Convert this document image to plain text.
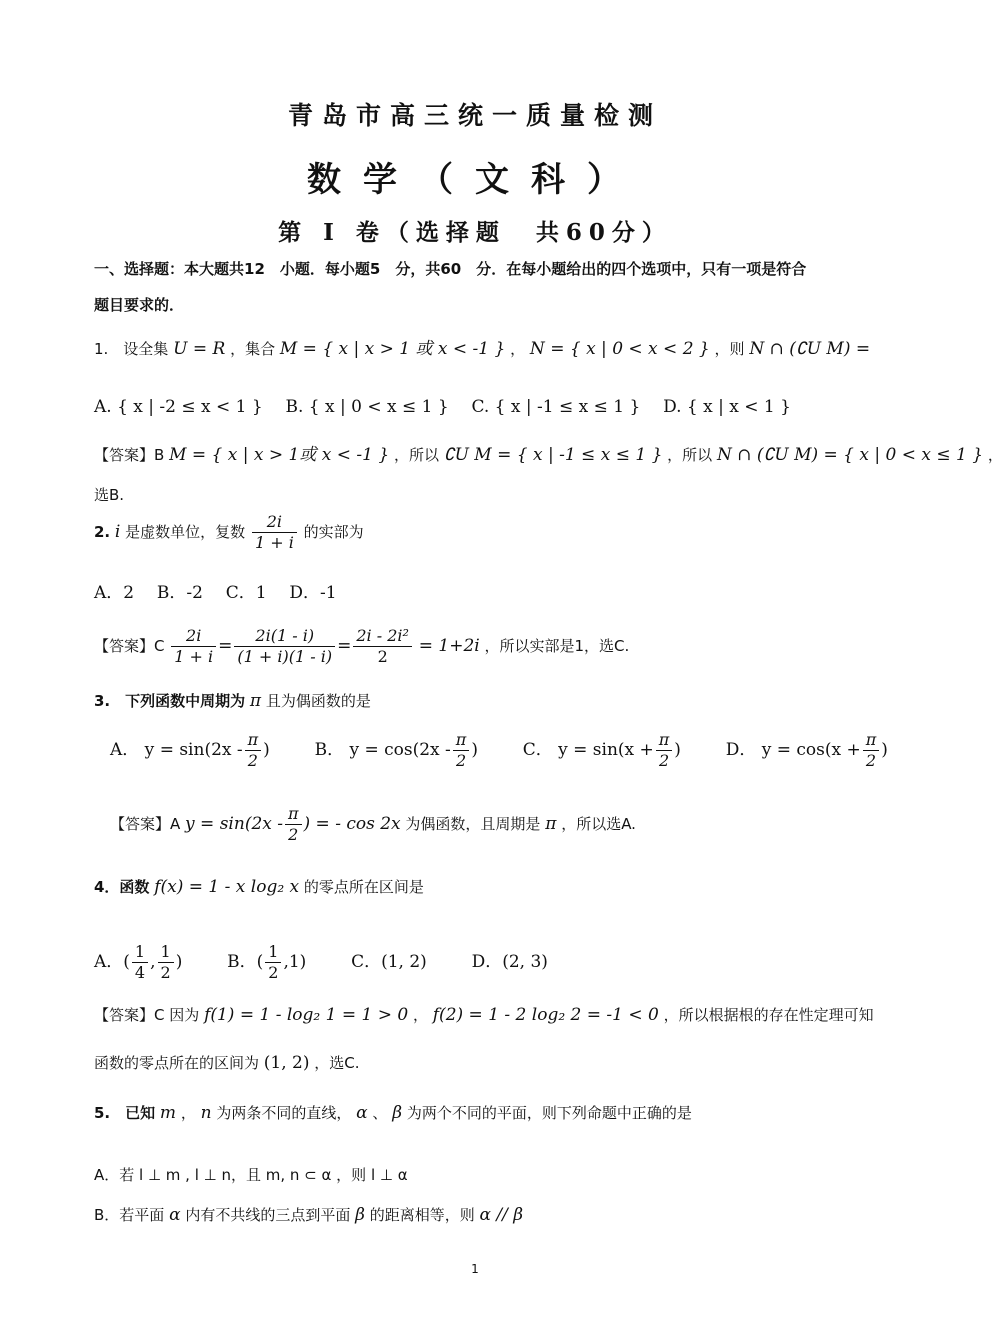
青岛市高三统一质量检测
数学（文科）
第 I 卷（选择题　共60分）
一、选择题：本大题共12　小题．每小题5　分，共60　分．在每小题给出的四个选项中，只有一项是符合
题目要求的．
1.　设全集 U = R ，集合 M = { x | x > 1 或 x < -1 } ， N = { x | 0 < x < 2 } ，则 N ∩ (∁U M) =
A. { x | -2 ≤ x < 1 } B. { x | 0 < x ≤ 1 } C. { x | -1 ≤ x ≤ 1 } D. { x | x < 1 }
【答案】B M = { x | x > 1或 x < -1 } ，所以 ∁U M = { x | -1 ≤ x ≤ 1 } ，所以 N ∩ (∁U M) = { x | 0 < x ≤ 1 } ，
选B.
2. i 是虚数单位，复数 $\frac{2i}{1 + i}$ 的实部为
A．2 B．-2 C．1 D．-1
【答案】C $\frac{2i}{1 + i} = \frac{2i(1 - i)}{(1 + i)(1 - i)} = \frac{\text{2i - 2i²}}{2} = 1+2i$ ，所以实部是1，选C.
3.　下列函数中周期为 π 且为偶函数的是
A． $y = \sin(2x - \frac{\pi}{2}$ )	B． $y = \cos(2x - \frac{\pi}{2}$ )	C． $y = \sin(x + \frac{\pi}{2}$ )	D． $y = \cos(x + \frac{\pi}{2}$ )
【答案】A $y = \sin(2x - \frac{\pi}{2}$ ) = - cos 2x 为偶函数，且周期是 π ，所以选A.
4．函数 f(x) = 1 - x log₂ x 的零点所在区间是
A．( $\frac{1}{4}$ , $\frac{1}{2}$ )	B．( $\frac{1}{2} ,1$)	C．(1, 2)	D．(2, 3)
【答案】C 因为 f(1) = 1 - log₂ 1 = 1 > 0 ， f(2) = 1 - 2 log₂ 2 = -1 < 0 ，所以根据根的存在性定理可知
函数的零点所在的区间为 (1, 2) ，选C.
5.　已知 m ， n 为两条不同的直线， α 、 β 为两个不同的平面，则下列命题中正确的是
A．若 l ⊥ m , l ⊥ n，且 m, n ⊂ α ，则 l ⊥ α
B．若平面 α 内有不共线的三点到平面 β 的距离相等，则 α // β
1
